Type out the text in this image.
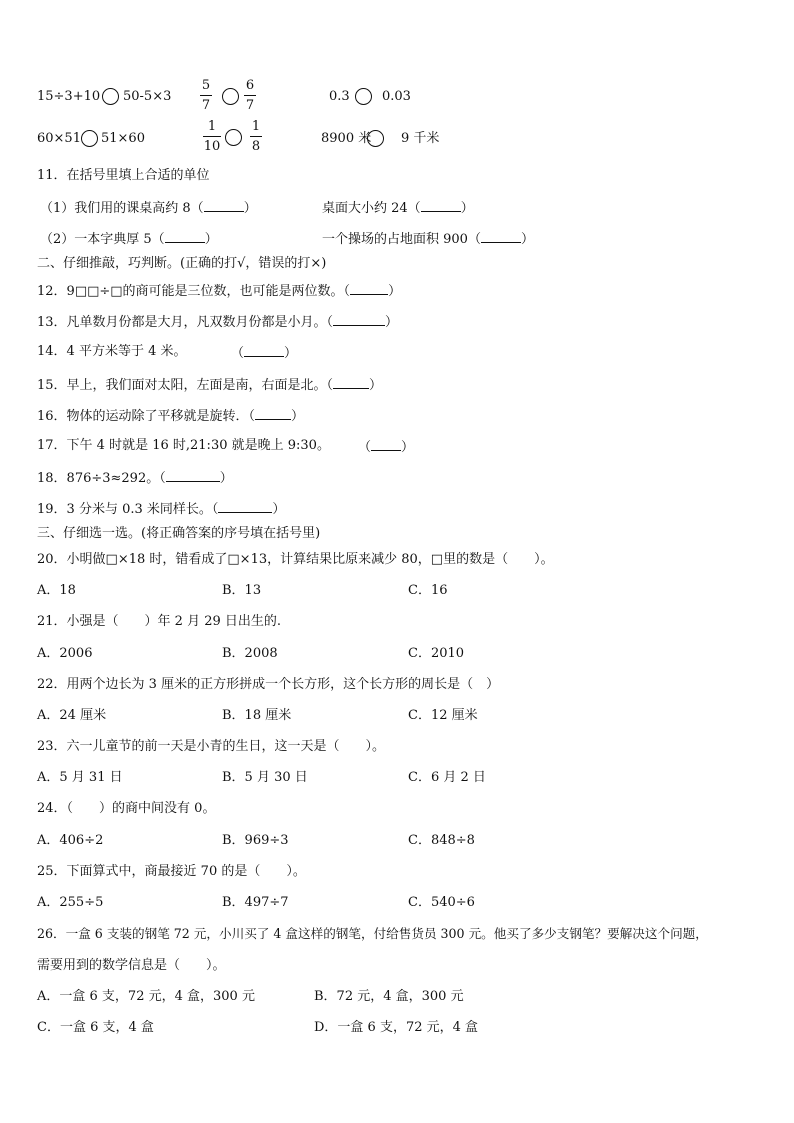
15÷3+10 50-5×3
5
7
6
7
0.3 0.03
60×51 51×60
1
10
1
8
8900 米 9 千米
11．在括号里填上合适的单位
（1）我们用的课桌高约 8（	）	桌面大小约 24（	）
（2）一本字典厚 5（	）	一个操场的占地面积 900（	）
二、仔细推敲，巧判断。(正确的打√，错误的打×)
12．9□□÷□的商可能是三位数，也可能是两位数。（	）
13．凡单数月份都是大月，凡双数月份都是小月。（	）
14．4 平方米等于 4 米。	（	）
15．早上，我们面对太阳，左面是南，右面是北。（	）
16．物体的运动除了平移就是旋转．（	）
17．下午 4 时就是 16 时,21:30 就是晚上 9:30。 （ ）
18．876÷3≈292。（	）
19．3 分米与 0.3 米同样长。（	）
三、仔细选一选。(将正确答案的序号填在括号里)
20．小明做□×18 时，错看成了□×13，计算结果比原来减少 80，□里的数是（　　）。
A．18	B．13	C．16
21．小强是（　　）年 2 月 29 日出生的.
A．2006	B．2008	C．2010
22．用两个边长为 3 厘米的正方形拼成一个长方形，这个长方形的周长是（　）
A．24 厘米	B．18 厘米	C．12 厘米
23．六一儿童节的前一天是小青的生日，这一天是（　　）。
A．5 月 31 日	B．5 月 30 日	C．6 月 2 日
24．（　　）的商中间没有 0。
A．406÷2	B．969÷3	C．848÷8
25．下面算式中，商最接近 70 的是（　　）。
A．255÷5	B．497÷7	C．540÷6
26．一盒 6 支装的钢笔 72 元，小川买了 4 盒这样的钢笔，付给售货员 300 元。他买了多少支钢笔？要解决这个问题，
需要用到的数学信息是（　　）。
A．一盒 6 支，72 元，4 盒，300 元	B．72 元，4 盒，300 元
C．一盒 6 支，4 盒	D．一盒 6 支，72 元，4 盒
